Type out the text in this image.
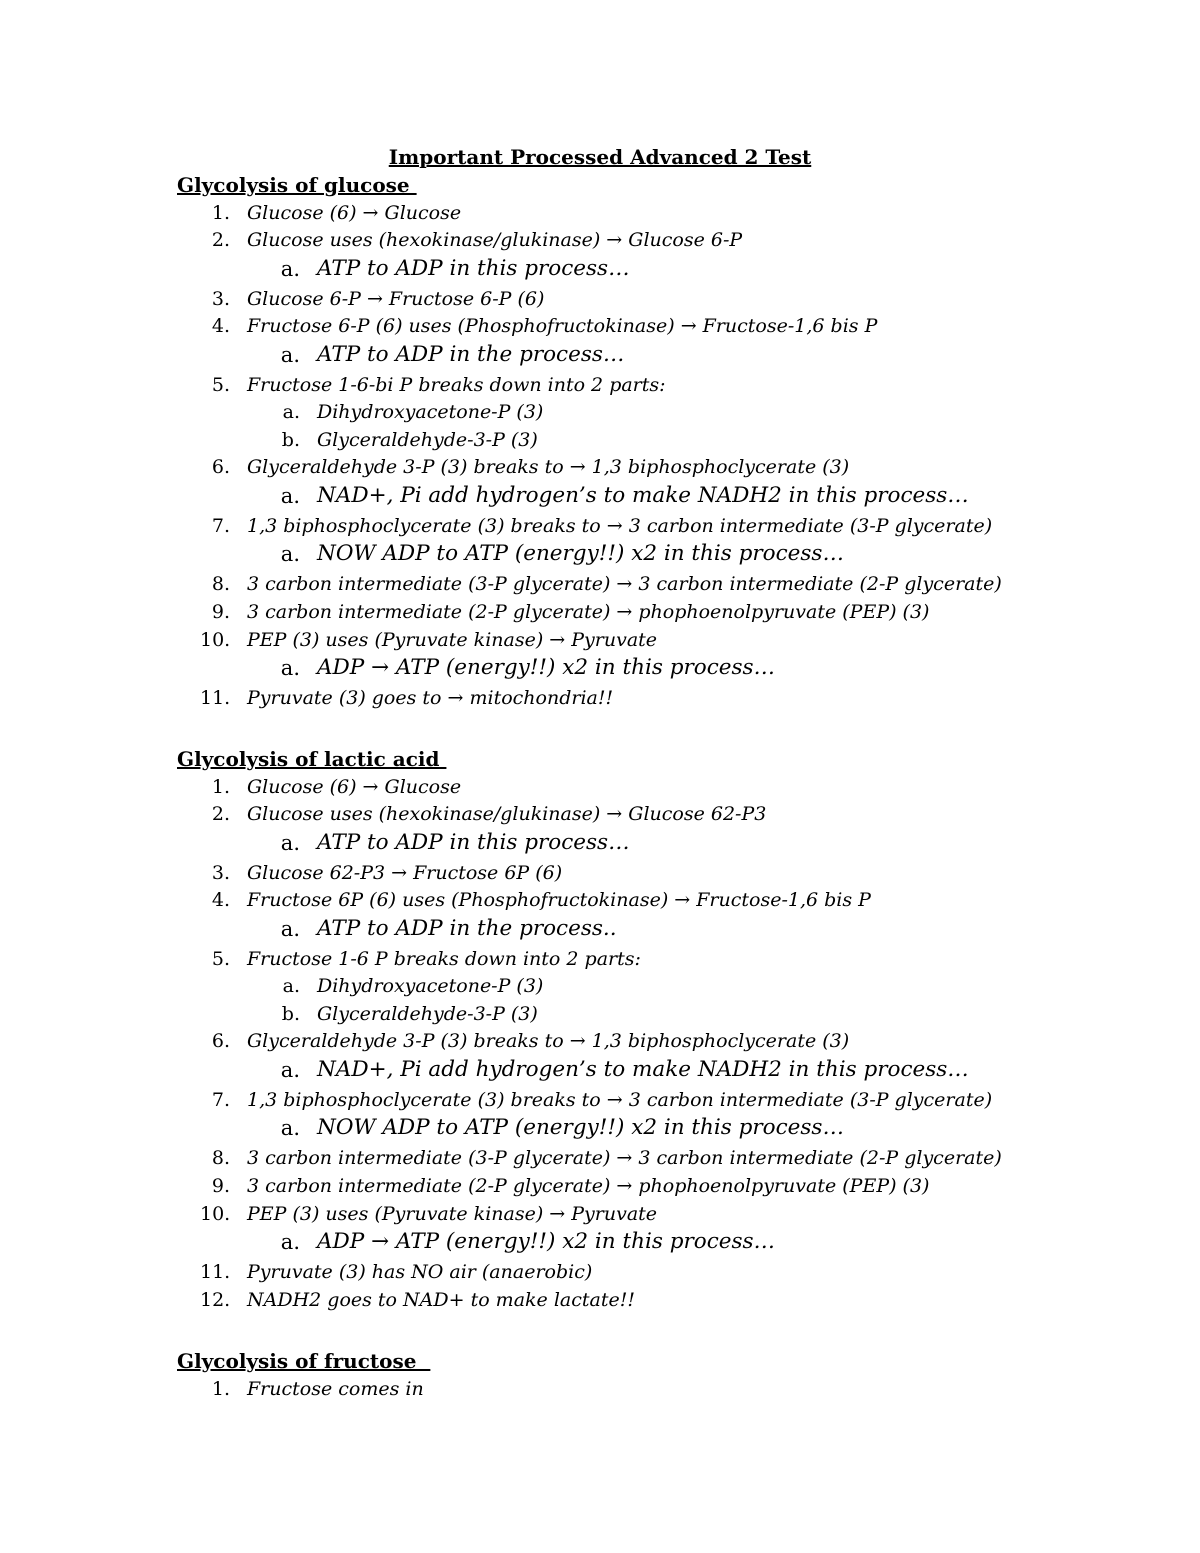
Important Processed Advanced 2 Test
Glycolysis of glucose
1. Glucose (6) → Glucose
2. Glucose uses (hexokinase/glukinase) → Glucose 6-P
a. ATP to ADP in this process…
3. Glucose 6-P → Fructose 6-P (6)
4. Fructose 6-P (6) uses (Phosphofructokinase) → Fructose-1,6 bis P
a. ATP to ADP in the process…
5. Fructose 1-6-bi P breaks down into 2 parts:
a. Dihydroxyacetone-P (3)
b. Glyceraldehyde-3-P (3)
6. Glyceraldehyde 3-P (3) breaks to → 1,3 biphosphoclycerate (3)
a. NAD+, Pi add hydrogen’s to make NADH2 in this process…
7. 1,3 biphosphoclycerate (3) breaks to → 3 carbon intermediate (3-P glycerate)
a. NOW ADP to ATP (energy!!) x2 in this process…
8. 3 carbon intermediate (3-P glycerate) → 3 carbon intermediate (2-P glycerate)
9. 3 carbon intermediate (2-P glycerate) → phophoenolpyruvate (PEP) (3)
10. PEP (3) uses (Pyruvate kinase) → Pyruvate
a. ADP → ATP (energy!!) x2 in this process…
11. Pyruvate (3) goes to → mitochondria!!
Glycolysis of lactic acid
1. Glucose (6) → Glucose
2. Glucose uses (hexokinase/glukinase) → Glucose 62-P3
a. ATP to ADP in this process…
3. Glucose 62-P3 → Fructose 6P (6)
4. Fructose 6P (6) uses (Phosphofructokinase) → Fructose-1,6 bis P
a. ATP to ADP in the process..
5. Fructose 1-6 P breaks down into 2 parts:
a. Dihydroxyacetone-P (3)
b. Glyceraldehyde-3-P (3)
6. Glyceraldehyde 3-P (3) breaks to → 1,3 biphosphoclycerate (3)
a. NAD+, Pi add hydrogen’s to make NADH2 in this process…
7. 1,3 biphosphoclycerate (3) breaks to → 3 carbon intermediate (3-P glycerate)
a. NOW ADP to ATP (energy!!) x2 in this process…
8. 3 carbon intermediate (3-P glycerate) → 3 carbon intermediate (2-P glycerate)
9. 3 carbon intermediate (2-P glycerate) → phophoenolpyruvate (PEP) (3)
10. PEP (3) uses (Pyruvate kinase) → Pyruvate
a. ADP → ATP (energy!!) x2 in this process…
11. Pyruvate (3) has NO air (anaerobic)
12. NADH2 goes to NAD+ to make lactate!!
Glycolysis of fructose
1. Fructose comes in
